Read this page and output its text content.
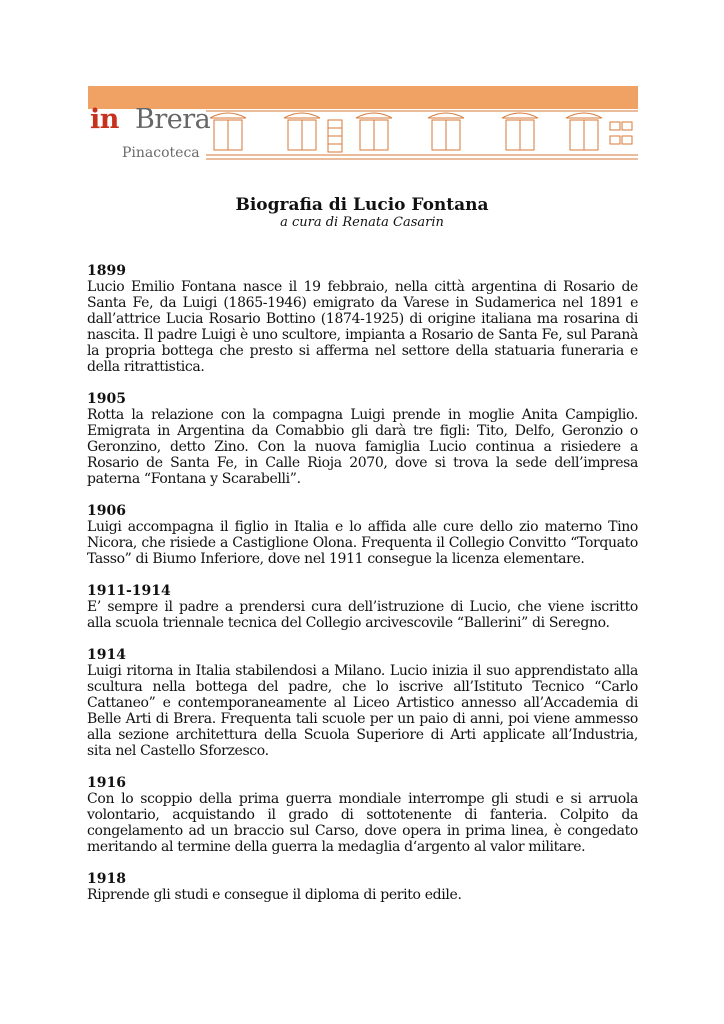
in Brera
Pinacoteca
Biografia di Lucio Fontana
a cura di Renata Casarin

1899

Lucio Emilio Fontana nasce il 19 febbraio, nella città argentina di Rosario de Santa Fe, da Luigi (1865-1946) emigrato da Varese in Sudamerica nel 1891 e dall’attrice Lucia Rosario Bottino (1874-1925) di origine italiana ma rosarina di nascita. Il padre Luigi è uno scultore, impianta a Rosario de Santa Fe, sul Paranà la propria bottega che presto si afferma nel settore della statuaria funeraria e della ritrattistica.

1905

Rotta la relazione con la compagna Luigi prende in moglie Anita Campiglio. Emigrata in Argentina da Comabbio gli darà tre figli: Tito, Delfo, Geronzio o Geronzino, detto Zino. Con la nuova famiglia Lucio continua a risiedere a Rosario de Santa Fe, in Calle Rioja 2070, dove si trova la sede dell’impresa paterna “Fontana y Scarabelli”.

1906

Luigi accompagna il figlio in Italia e lo affida alle cure dello zio materno Tino Nicora, che risiede a Castiglione Olona. Frequenta il Collegio Convitto “Torquato Tasso” di Biumo Inferiore, dove nel 1911 consegue la licenza elementare.

1911-1914

E’ sempre il padre a prendersi cura dell’istruzione di Lucio, che viene iscritto alla scuola triennale tecnica del Collegio arcivescovile “Ballerini” di Seregno.

1914

Luigi ritorna in Italia stabilendosi a Milano. Lucio inizia il suo apprendistato alla scultura nella bottega del padre, che lo iscrive all’Istituto Tecnico “Carlo Cattaneo” e contemporaneamente al Liceo Artistico annesso all’Accademia di Belle Arti di Brera. Frequenta tali scuole per un paio di anni, poi viene ammesso alla sezione architettura della Scuola Superiore di Arti applicate all’Industria, sita nel Castello Sforzesco.

1916

Con lo scoppio della prima guerra mondiale interrompe gli studi e si arruola volontario, acquistando il grado di sottotenente di fanteria. Colpito da congelamento ad un braccio sul Carso, dove opera in prima linea, è congedato meritando al termine della guerra la medaglia d‘argento al valor militare.

1918

Riprende gli studi e consegue il diploma di perito edile.
